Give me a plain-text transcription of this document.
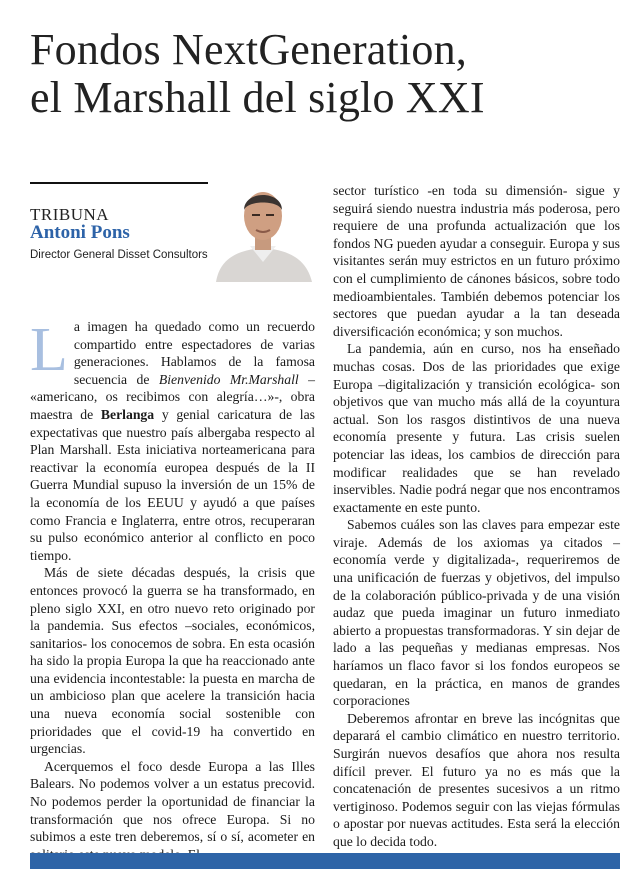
Fondos NextGeneration,
el Marshall del siglo XXI
TRIBUNA
Antoni Pons
Director General Disset Consultors

La imagen ha quedado como un recuerdo compartido entre espectadores de varias generaciones. Hablamos de la famosa secuencia de Bienvenido Mr.Marshall – «americano, os recibimos con alegría…»-, obra maestra de Berlanga y genial caricatura de las expectativas que nuestro país albergaba respecto al Plan Marshall. Esta iniciativa norteamericana para reactivar la economía europea después de la II Guerra Mundial supuso la inversión de un 15% de la economía de los EEUU y ayudó a que países como Francia e Inglaterra, entre otros, recuperaran su pulso económico anterior al conflicto en poco tiempo.

Más de siete décadas después, la crisis que entonces provocó la guerra se ha transformado, en pleno siglo XXI, en otro nuevo reto originado por la pandemia. Sus efectos –sociales, económicos, sanitarios- los conocemos de sobra. En esta ocasión ha sido la propia Europa la que ha reaccionado ante una evidencia incontestable: la puesta en marcha de un ambicioso plan que acelere la transición hacia una nueva economía social sostenible con prioridades que el covid-19 ha convertido en urgencias.

Acerquemos el foco desde Europa a las Illes Balears. No podemos volver a un estatus precovid. No podemos perder la oportunidad de financiar la transformación que nos ofrece Europa. Si no subimos a este tren deberemos, sí o sí, acometer en

sector turístico -en toda su dimensión- sigue y seguirá siendo nuestra industria más poderosa, pero requiere de una profunda actualización que los fondos NG pueden ayudar a conseguir. Europa y sus visitantes serán muy estrictos en un futuro próximo con el cumplimiento de cánones básicos, sobre todo medioambientales. También debemos potenciar los sectores que puedan ayudar a la tan deseada diversificación económica; y son muchos.

La pandemia, aún en curso, nos ha enseñado muchas cosas. Dos de las prioridades que exige Europa –digitalización y transición ecológica- son objetivos que van mucho más allá de la coyuntura actual. Son los rasgos distintivos de una nueva economía presente y futura. Las crisis suelen potenciar las ideas, los cambios de dirección para modificar realidades que se han revelado inservibles. Nadie podrá negar que nos encontramos exactamente en este punto.

Sabemos cuáles son las claves para empezar este viraje. Además de los axiomas ya citados – economía verde y digitalizada-, requeriremos de una unificación de fuerzas y objetivos, del impulso de la colaboración público-privada y de una visión audaz que pueda imaginar un futuro inmediato abierto a propuestas transformadoras. Y sin dejar de lado a las pequeñas y medianas empresas. Nos haríamos un flaco favor si los fondos europeos se quedaran, en la práctica, en manos de grandes corporaciones

Deberemos afrontar en breve las incógnitas que deparará el cambio climático en nuestro territorio. Surgirán nuevos desafíos que ahora nos resulta difícil prever. El futuro ya no es más que la concatenación de presentes sucesivos a un ritmo vertiginoso. Podemos seguir con las viejas fórmulas o apostar por nuevas actitudes. Esta será la elección que lo decida todo.
